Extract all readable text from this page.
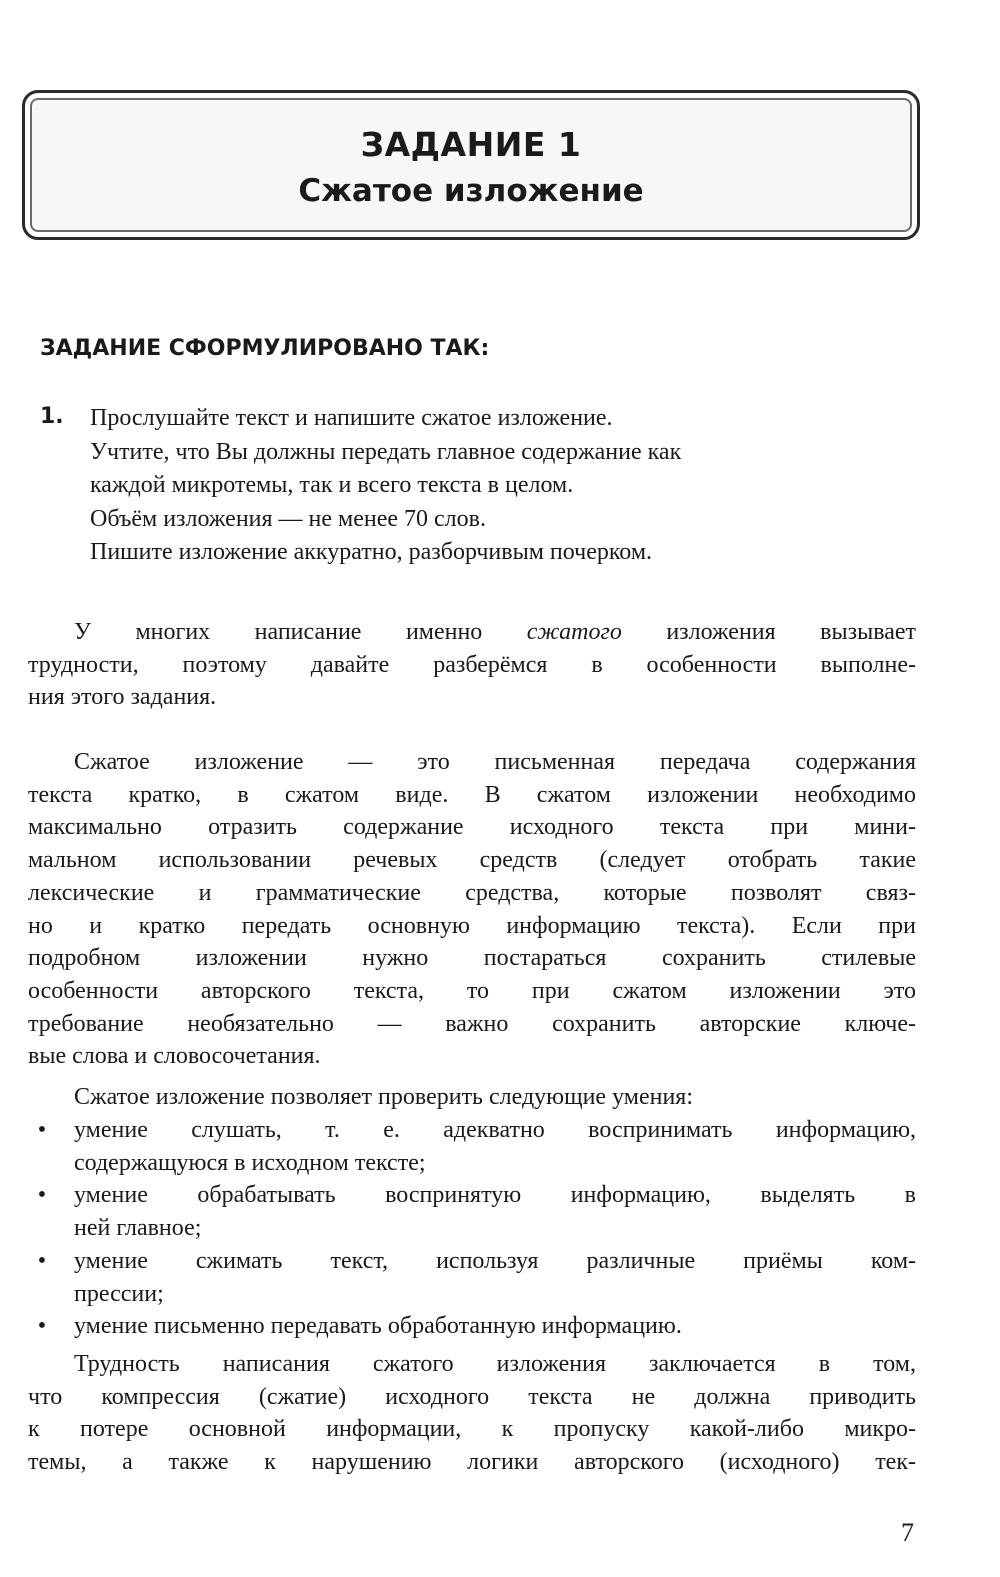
ЗАДАНИЕ 1
Сжатое изложение
ЗАДАНИЕ СФОРМУЛИРОВАНО ТАК:
1. Прослушайте текст и напишите сжатое изложение.
Учтите, что Вы должны передать главное содержание как
каждой микротемы, так и всего текста в целом.
Объём изложения — не менее 70 слов.
Пишите изложение аккуратно, разборчивым почерком.
У многих написание именно сжатого изложения вызывает
трудности, поэтому давайте разберёмся в особенности выполне-
ния этого задания.
Сжатое изложение — это письменная передача содержания
текста кратко, в сжатом виде. В сжатом изложении необходимо
максимально отразить содержание исходного текста при мини-
мальном использовании речевых средств (следует отобрать такие
лексические и грамматические средства, которые позволят связ-
но и кратко передать основную информацию текста). Если при
подробном изложении нужно постараться сохранить стилевые
особенности авторского текста, то при сжатом изложении это
требование необязательно — важно сохранить авторские ключе-
вые слова и словосочетания.
Сжатое изложение позволяет проверить следующие умения:
• умение слушать, т. е. адекватно воспринимать информацию,
содержащуюся в исходном тексте;
• умение обрабатывать воспринятую информацию, выделять в
ней главное;
• умение сжимать текст, используя различные приёмы ком-
прессии;
• умение письменно передавать обработанную информацию.
Трудность написания сжатого изложения заключается в том,
что компрессия (сжатие) исходного текста не должна приводить
к потере основной информации, к пропуску какой-либо микро-
темы, а также к нарушению логики авторского (исходного) тек-
7
